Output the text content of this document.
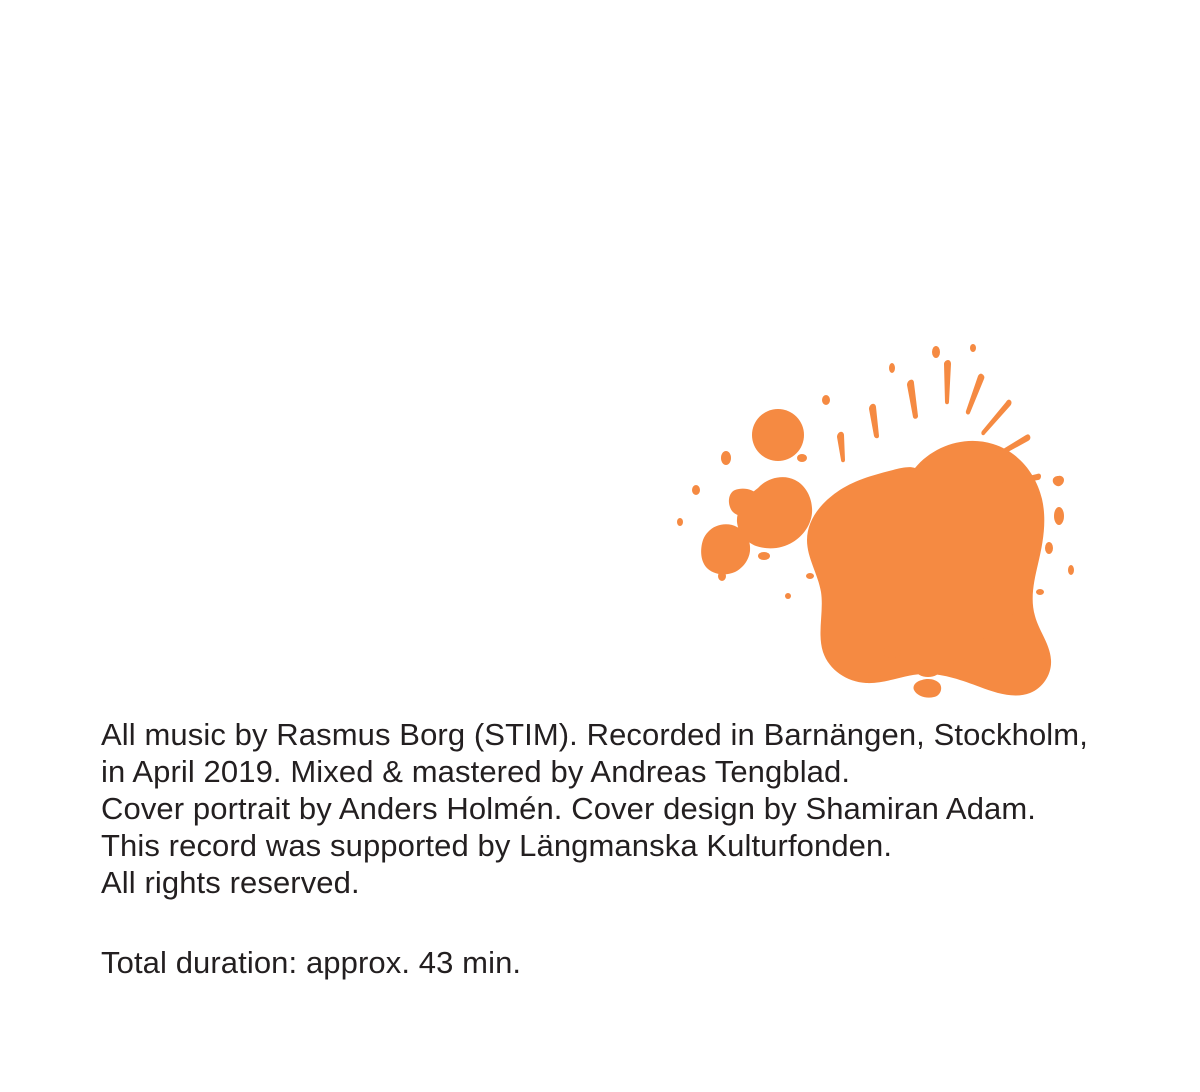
All music by Rasmus Borg (STIM). Recorded in Barnängen, Stockholm,
in April 2019. Mixed & mastered by Andreas Tengblad.
Cover portrait by Anders Holmén. Cover design by Shamiran Adam.
This record was supported by Längmanska Kulturfonden.
All rights reserved.
Total duration: approx. 43 min.
